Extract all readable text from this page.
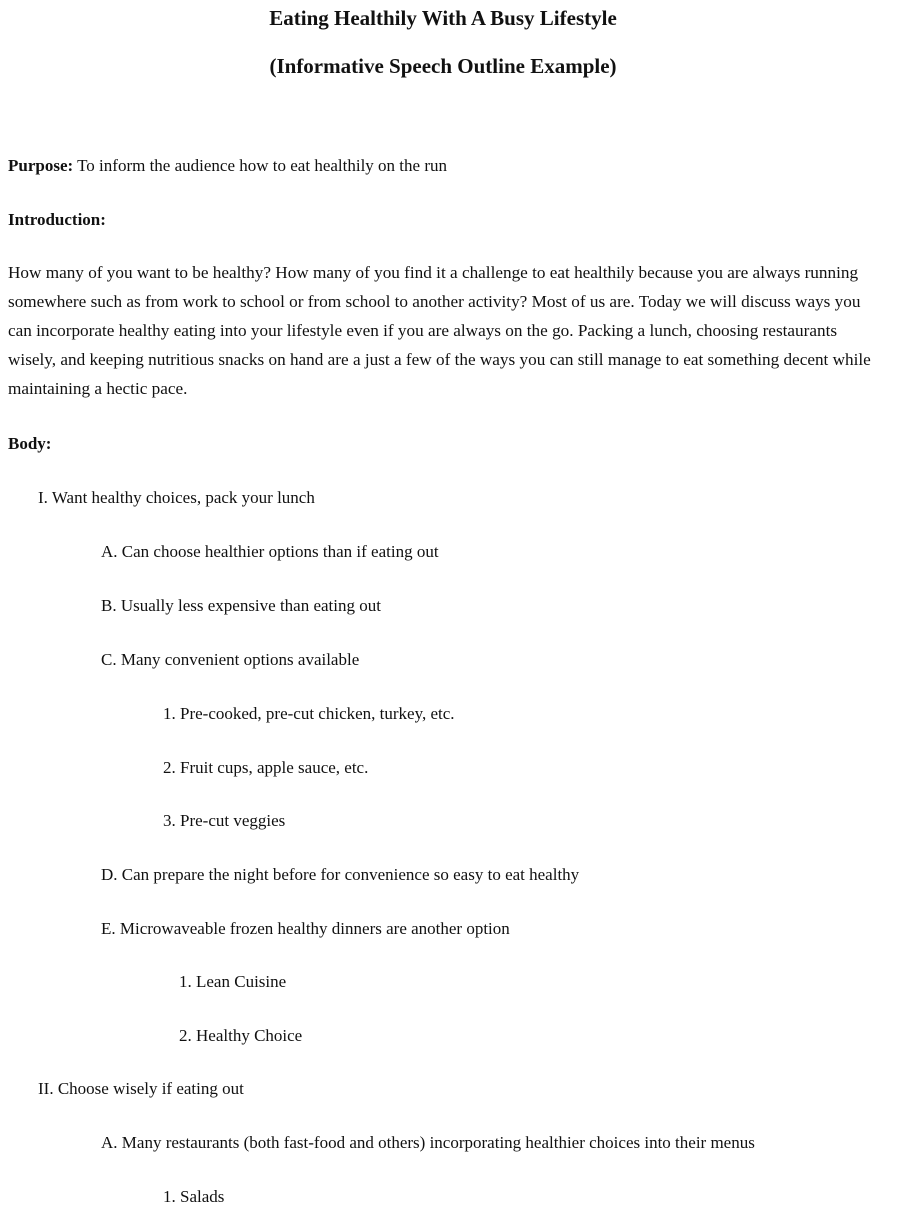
Eating Healthily With A Busy Lifestyle
(Informative Speech Outline Example)

Purpose: To inform the audience how to eat healthily on the run

Introduction:

How many of you want to be healthy? How many of you find it a challenge to eat healthily because you are always running somewhere such as from work to school or from school to another activity? Most of us are. Today we will discuss ways you can incorporate healthy eating into your lifestyle even if you are always on the go. Packing a lunch, choosing restaurants wisely, and keeping nutritious snacks on hand are a just a few of the ways you can still manage to eat something decent while maintaining a hectic pace.

Body:

I. Want healthy choices, pack your lunch

A. Can choose healthier options than if eating out

B. Usually less expensive than eating out

C. Many convenient options available

1. Pre-cooked, pre-cut chicken, turkey, etc.

2. Fruit cups, apple sauce, etc.

3. Pre-cut veggies

D. Can prepare the night before for convenience so easy to eat healthy

E. Microwaveable frozen healthy dinners are another option

1. Lean Cuisine

2. Healthy Choice

II. Choose wisely if eating out

A. Many restaurants (both fast-food and others) incorporating healthier choices into their menus

1. Salads
